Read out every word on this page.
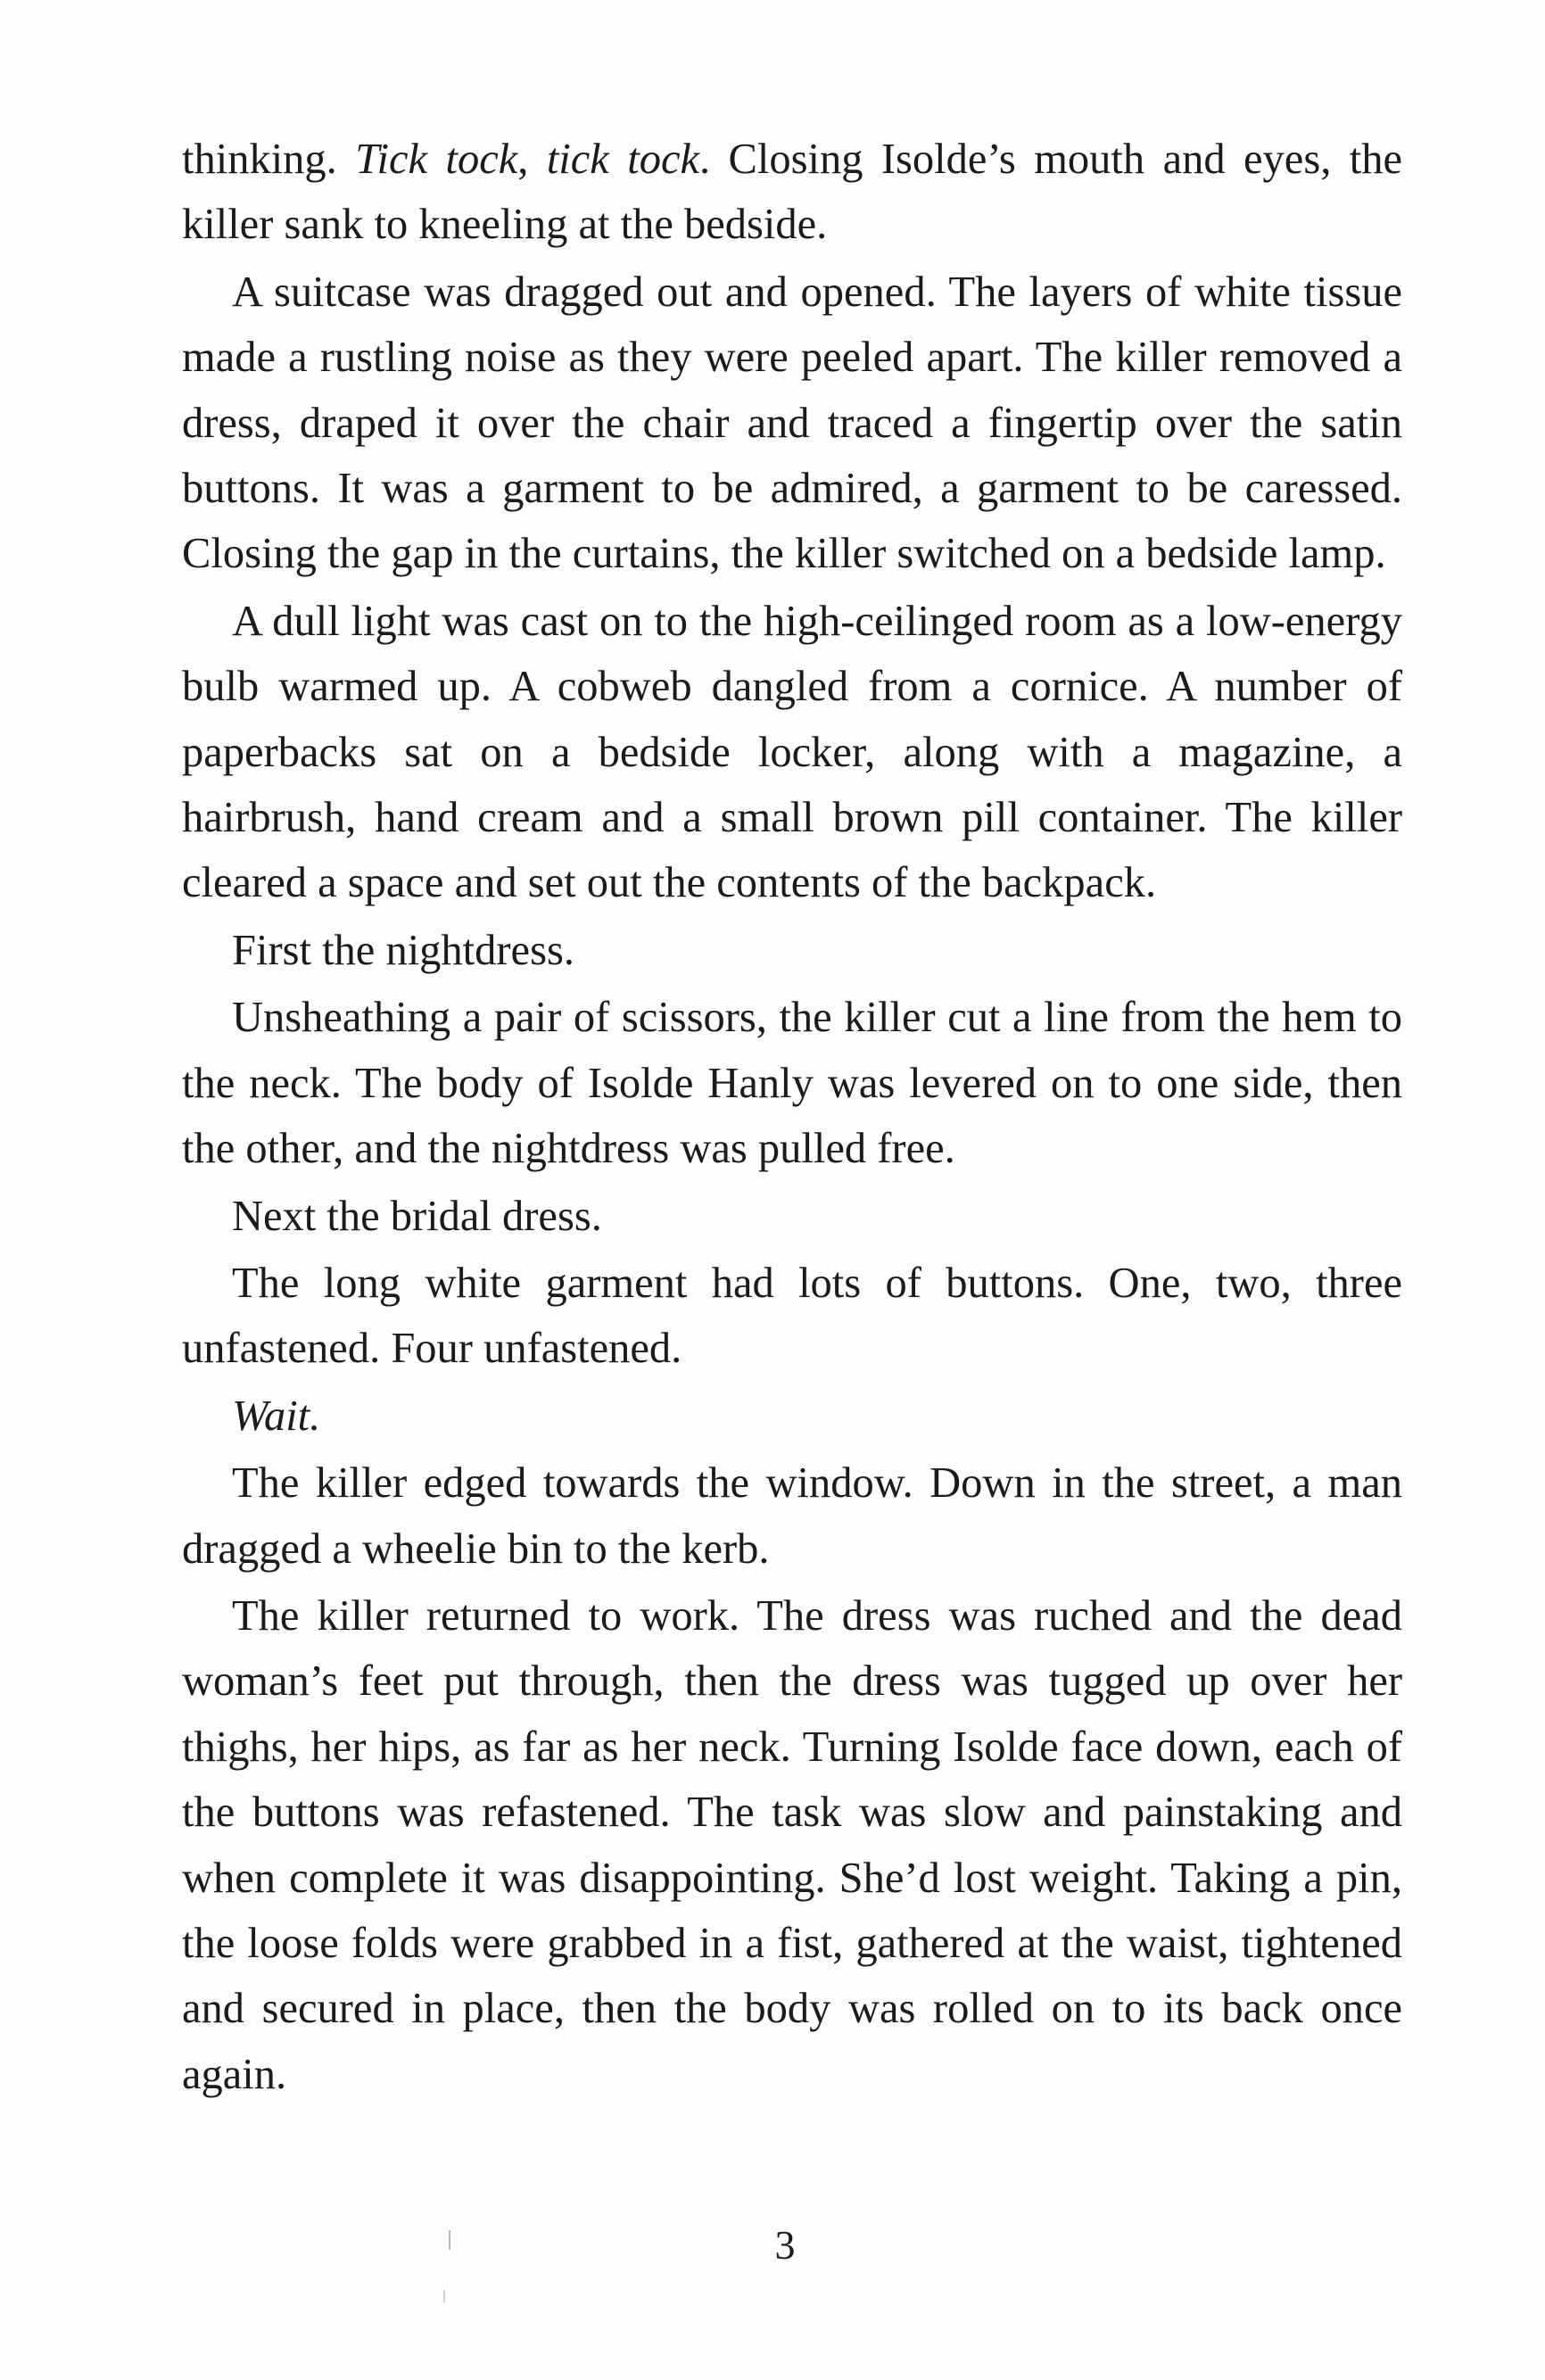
thinking. Tick tock, tick tock. Closing Isolde’s mouth and eyes, the killer sank to kneeling at the bedside.

A suitcase was dragged out and opened. The layers of white tissue made a rustling noise as they were peeled apart. The killer removed a dress, draped it over the chair and traced a fingertip over the satin buttons. It was a garment to be admired, a garment to be caressed. Closing the gap in the curtains, the killer switched on a bedside lamp.

A dull light was cast on to the high-ceilinged room as a low-energy bulb warmed up. A cobweb dangled from a cornice. A number of paperbacks sat on a bedside locker, along with a magazine, a hairbrush, hand cream and a small brown pill container. The killer cleared a space and set out the contents of the backpack.

First the nightdress.

Unsheathing a pair of scissors, the killer cut a line from the hem to the neck. The body of Isolde Hanly was levered on to one side, then the other, and the nightdress was pulled free.

Next the bridal dress.

The long white garment had lots of buttons. One, two, three unfastened. Four unfastened.

Wait.

The killer edged towards the window. Down in the street, a man dragged a wheelie bin to the kerb.

The killer returned to work. The dress was ruched and the dead woman’s feet put through, then the dress was tugged up over her thighs, her hips, as far as her neck. Turning Isolde face down, each of the buttons was refastened. The task was slow and painstaking and when complete it was disappointing. She’d lost weight. Taking a pin, the loose folds were grabbed in a fist, gathered at the waist, tightened and secured in place, then the body was rolled on to its back once again.

3
